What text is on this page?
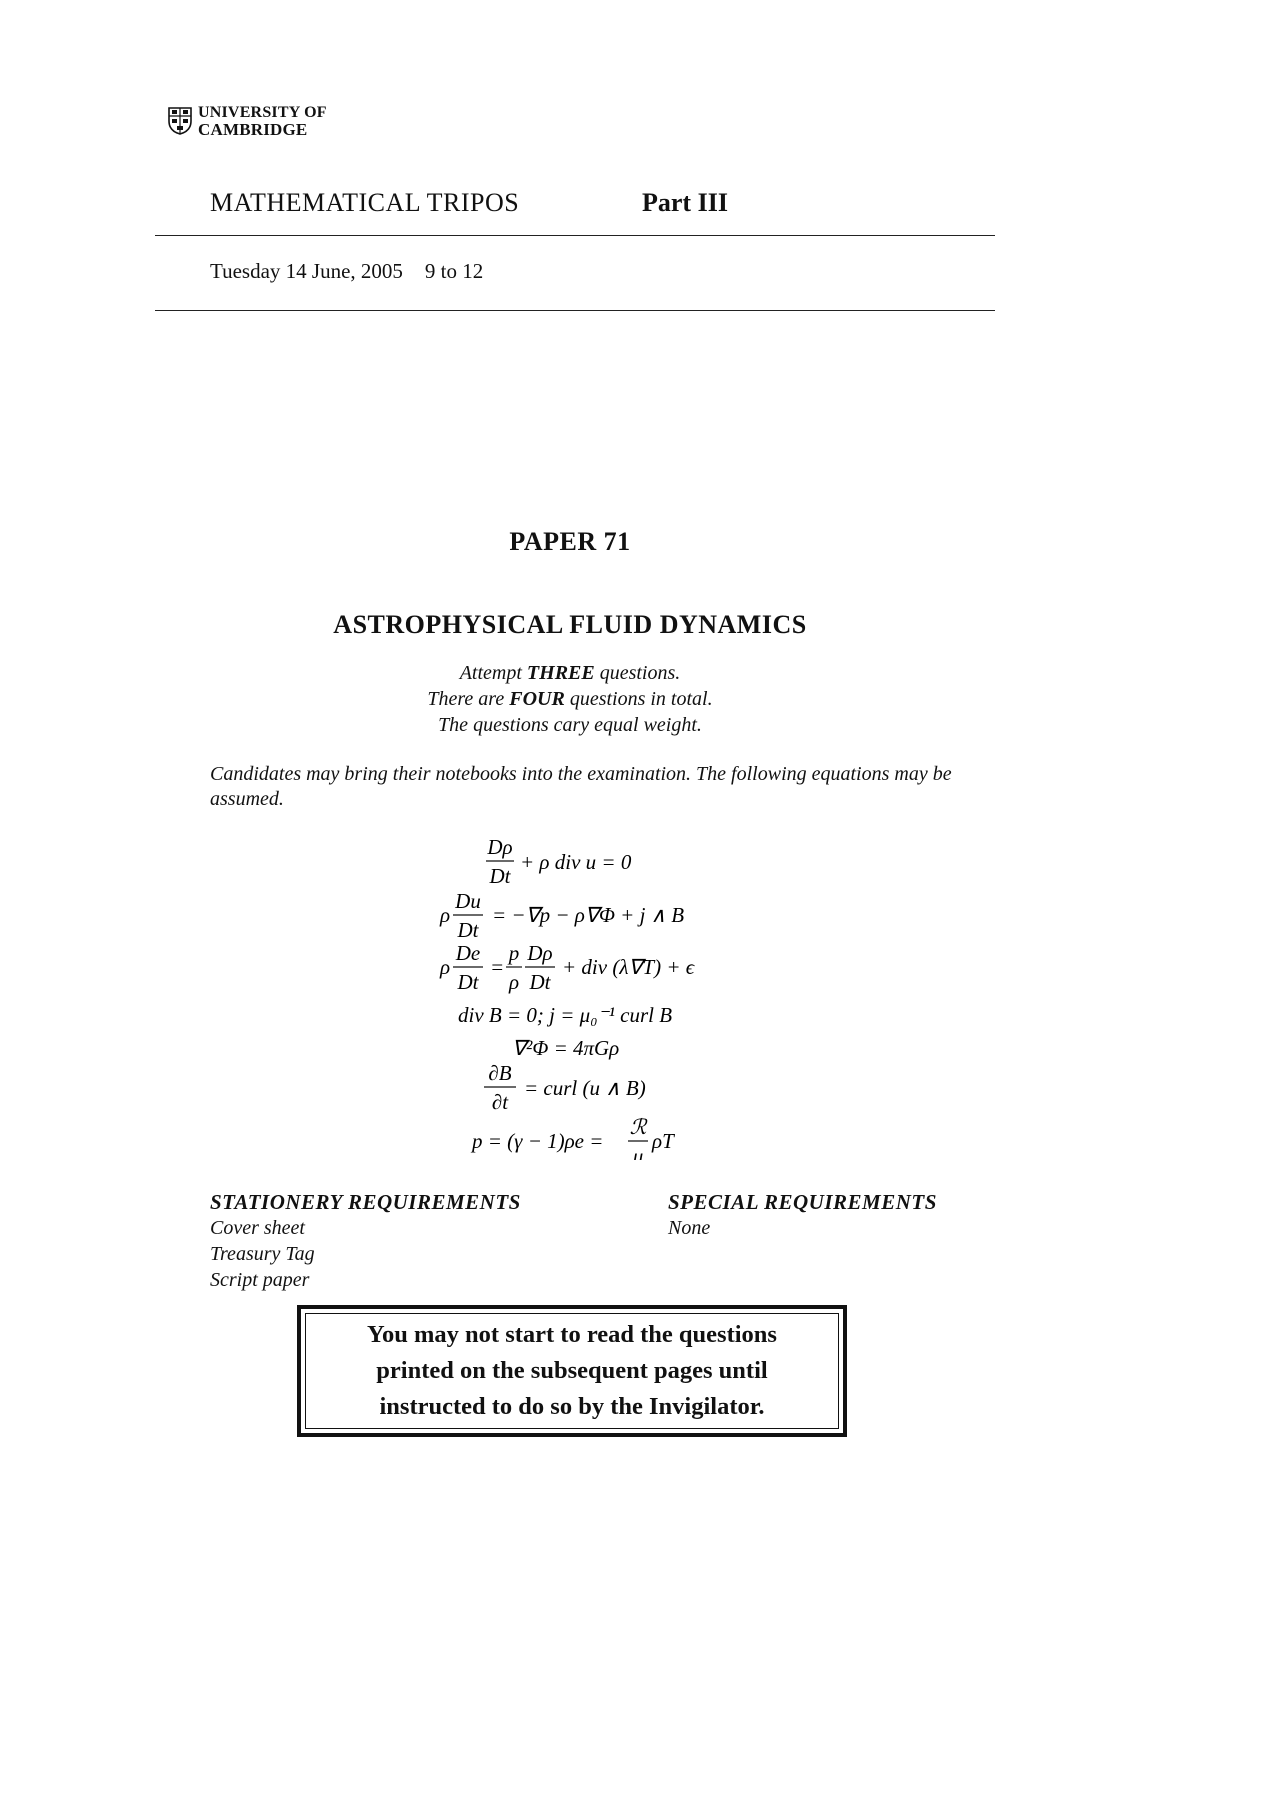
UNIVERSITY OF
CAMBRIDGE
MATHEMATICAL TRIPOS	Part III
Tuesday 14 June, 2005 9 to 12
PAPER 71
ASTROPHYSICAL FLUID DYNAMICS
Attempt THREE questions.
There are FOUR questions in total.
The questions cary equal weight.
Candidates may bring their notebooks into the examination. The following equations may be assumed.
Dρ
Dt
+ ρ div u = 0
ρ
Du
Dt
= −∇p − ρ∇Φ + j ∧ B
ρ
De
Dt
=
p
ρ
Dρ
Dt
+ div (λ∇T) + ϵ
div B = 0; j = μ₀⁻¹ curl B
∇²Φ = 4πGρ
∂B
∂t
= curl (u ∧ B)
p = (γ − 1)ρe =
ℛ
μ
ρT
STATIONERY REQUIREMENTS
Cover sheet
Treasury Tag
Script paper
SPECIAL REQUIREMENTS
None
You may not start to read the questions
printed on the subsequent pages until
instructed to do so by the Invigilator.
